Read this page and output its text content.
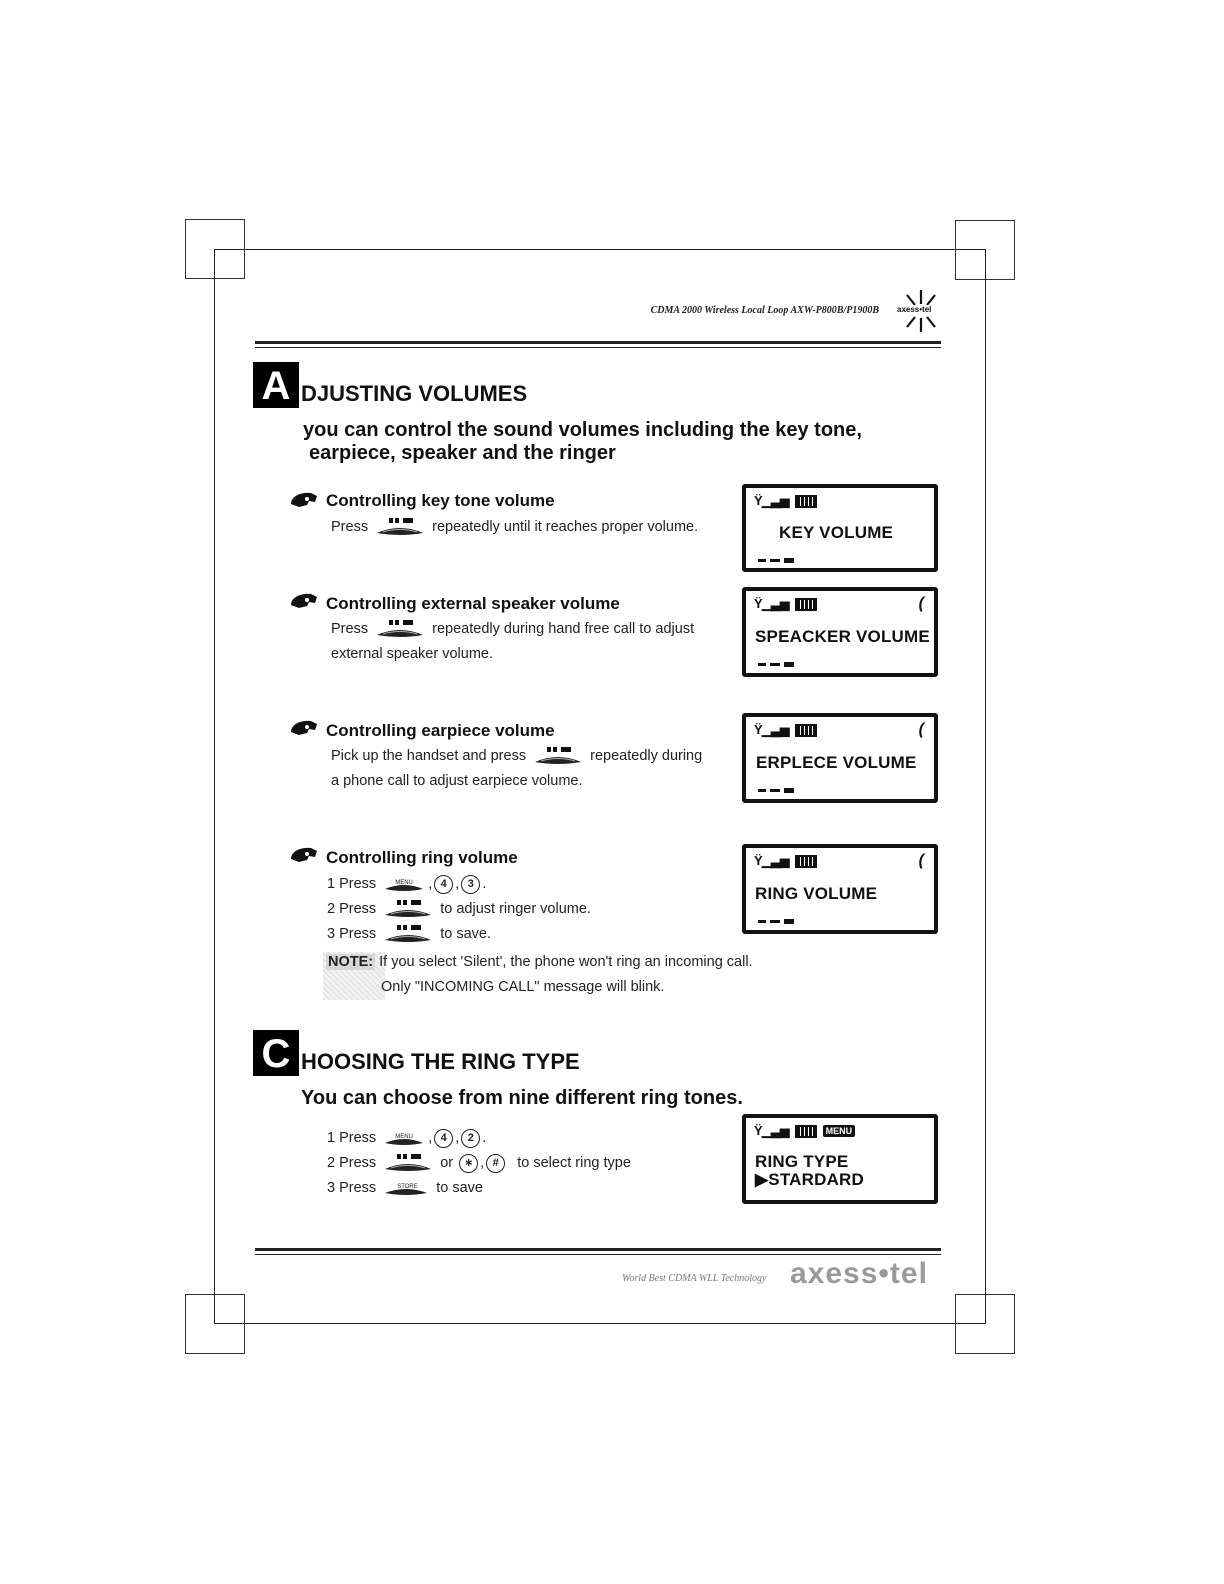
CDMA 2000 Wireless Local Loop AXW-P800B/P1900B axess•tel
A DJUSTING VOLUMES
you can control the sound volumes including the key tone,
earpiece, speaker and the ringer
Controlling key tone volume
Press	repeatedly until it reaches proper volume.
Ÿ▁▃▅
KEY VOLUME
Controlling external speaker volume
Press	repeatedly during hand free call to adjust
external speaker volume.
Ÿ▁▃▅	(
SPEACKER VOLUME
Controlling earpiece volume
Pick up the handset and press	repeatedly during
a phone call to adjust earpiece volume.
Ÿ▁▃▅	(
ERPLECE VOLUME
Controlling ring volume
1 Press	MENU , 4 , 3 .
2 Press	to adjust ringer volume.
3 Press	to save.
Ÿ▁▃▅	(
RING VOLUME
NOTE: If you select 'Silent', the phone won't ring an incoming call.
Only "INCOMING CALL" message will blink.
C HOOSING THE RING TYPE
You can choose from nine different ring tones.
1 Press	MENU , 4 , 2 .
2 Press	or ∗ , # to select ring type
3 Press	STORE to save
Ÿ▁▃▅	MENU
RING TYPE
▶STARDARD
World Best CDMA WLL Technology axess•tel
